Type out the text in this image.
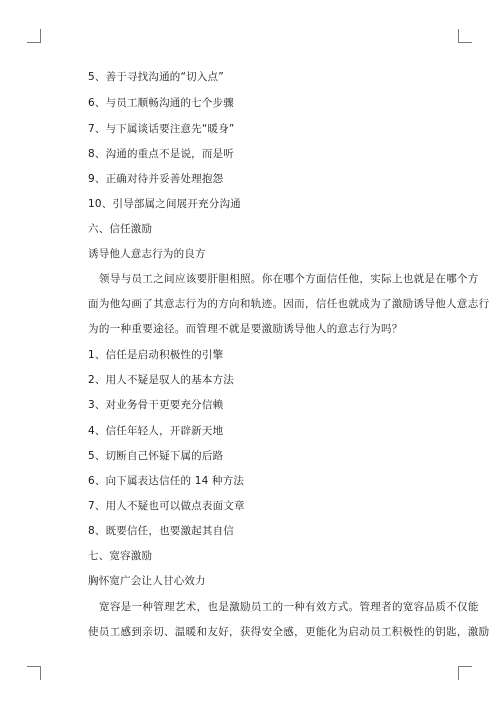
5、善于寻找沟通的“切入点”
6、与员工顺畅沟通的七个步骤
7、与下属谈话要注意先“暖身”
8、沟通的重点不是说，而是听
9、正确对待并妥善处理抱怨
10、引导部属之间展开充分沟通
六、信任激励
诱导他人意志行为的良方
领导与员工之间应该要肝胆相照。你在哪个方面信任他，实际上也就是在哪个方
面为他勾画了其意志行为的方向和轨迹。因而，信任也就成为了激励诱导他人意志行
为的一种重要途径。而管理不就是要激励诱导他人的意志行为吗？
1、信任是启动积极性的引擎
2、用人不疑是驭人的基本方法
3、对业务骨干更要充分信赖
4、信任年轻人，开辟新天地
5、切断自己怀疑下属的后路
6、向下属表达信任的 14 种方法
7、用人不疑也可以做点表面文章
8、既要信任，也要激起其自信
七、宽容激励
胸怀宽广会让人甘心效力
宽容是一种管理艺术，也是激励员工的一种有效方式。管理者的宽容品质不仅能
使员工感到亲切、温暖和友好，获得安全感，更能化为启动员工积极性的钥匙，激励
